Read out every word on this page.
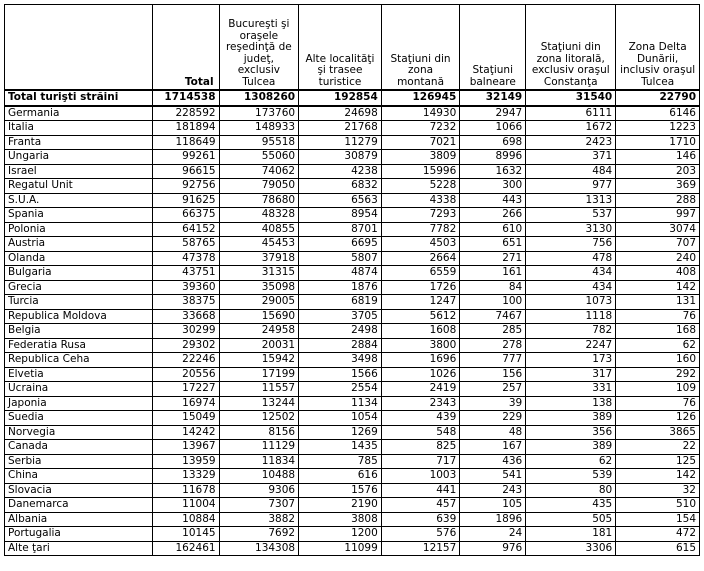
	Total	Bucureşti şi oraşele reşedinţă de judeţ, exclusiv Tulcea	Alte localităţi şi trasee turistice	Staţiuni din zona montană	Staţiuni balneare	Staţiuni din zona litorală, exclusiv oraşul Constanţa	Zona Delta Dunării, inclusiv oraşul Tulcea
Total turişti străini	1714538	1308260	192854	126945	32149	31540	22790
Germania	228592	173760	24698	14930	2947	6111	6146
Italia	181894	148933	21768	7232	1066	1672	1223
Franta	118649	95518	11279	7021	698	2423	1710
Ungaria	99261	55060	30879	3809	8996	371	146
Israel	96615	74062	4238	15996	1632	484	203
Regatul Unit	92756	79050	6832	5228	300	977	369
S.U.A.	91625	78680	6563	4338	443	1313	288
Spania	66375	48328	8954	7293	266	537	997
Polonia	64152	40855	8701	7782	610	3130	3074
Austria	58765	45453	6695	4503	651	756	707
Olanda	47378	37918	5807	2664	271	478	240
Bulgaria	43751	31315	4874	6559	161	434	408
Grecia	39360	35098	1876	1726	84	434	142
Turcia	38375	29005	6819	1247	100	1073	131
Republica Moldova	33668	15690	3705	5612	7467	1118	76
Belgia	30299	24958	2498	1608	285	782	168
Federatia Rusa	29302	20031	2884	3800	278	2247	62
Republica Ceha	22246	15942	3498	1696	777	173	160
Elvetia	20556	17199	1566	1026	156	317	292
Ucraina	17227	11557	2554	2419	257	331	109
Japonia	16974	13244	1134	2343	39	138	76
Suedia	15049	12502	1054	439	229	389	126
Norvegia	14242	8156	1269	548	48	356	3865
Canada	13967	11129	1435	825	167	389	22
Serbia	13959	11834	785	717	436	62	125
China	13329	10488	616	1003	541	539	142
Slovacia	11678	9306	1576	441	243	80	32
Danemarca	11004	7307	2190	457	105	435	510
Albania	10884	3882	3808	639	1896	505	154
Portugalia	10145	7692	1200	576	24	181	472
Alte ţari	162461	134308	11099	12157	976	3306	615
